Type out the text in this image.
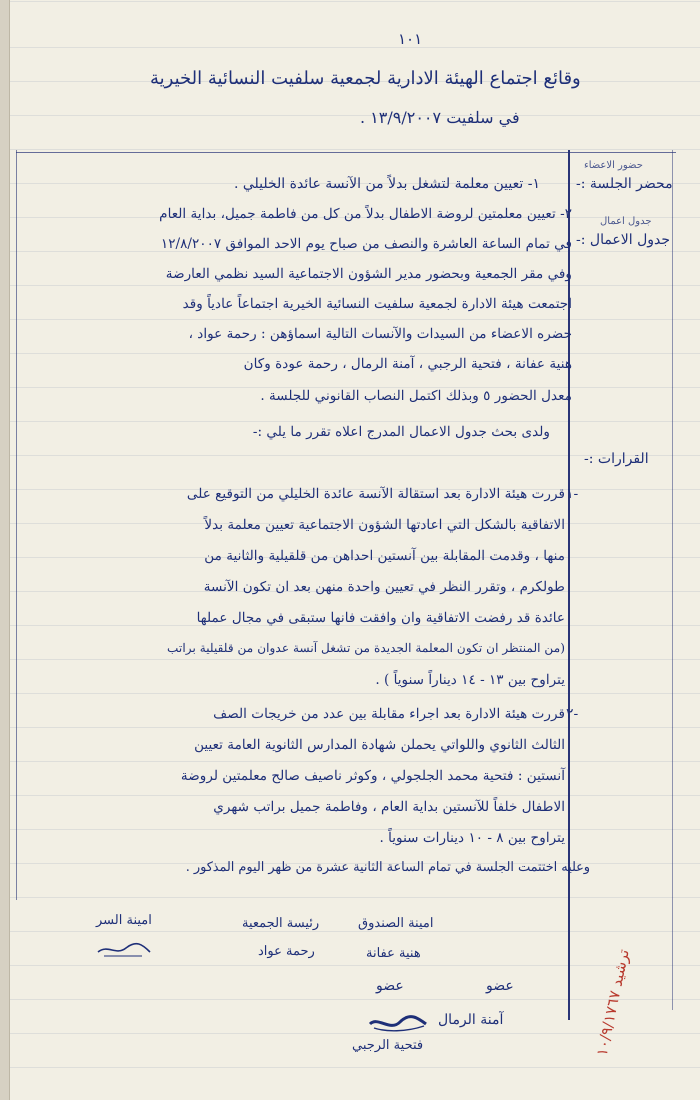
١٠١
وقائع اجتماع الهيئة الادارية لجمعية سلفيت النسائية الخيرية
في سلفيت ١٣/٩/٢٠٠٧ .
حضور الاعضاء
محضر الجلسة :-
جدول اعمال
جدول الاعمال :-
القرارات :-
١- تعيين معلمة لتشغل بدلاً من الآنسة عائدة الخليلي .
٢- تعيين معلمتين لروضة الاطفال بدلاً من كل من فاطمة جميل، بداية العام
في تمام الساعة العاشرة والنصف من صباح يوم الاحد الموافق ١٢/٨/٢٠٠٧
وفي مقر الجمعية وبحضور مدير الشؤون الاجتماعية السيد نظمي العارضة
اجتمعت هيئة الادارة لجمعية سلفيت النسائية الخيرية اجتماعاً عادياً وقد
حضره الاعضاء من السيدات والآنسات التالية اسماؤهن : رحمة عواد ،
هنية عفانة ، فتحية الرجبي ، آمنة الرمال ، رحمة عودة وكان
معدل الحضور ٥ وبذلك اكتمل النصاب القانوني للجلسة .
ولدى بحث جدول الاعمال المدرج اعلاه تقرر ما يلي :-
١-
قررت هيئة الادارة بعد استقالة الآنسة عائدة الخليلي من التوقيع على
الاتفاقية بالشكل التي اعادتها الشؤون الاجتماعية تعيين معلمة بدلاً
منها ، وقدمت المقابلة بين آنستين احداهن من قلقيلية والثانية من
طولكرم ، وتقرر النظر في تعيين واحدة منهن بعد ان تكون الآنسة
عائدة قد رفضت الاتفاقية وان وافقت فانها ستبقى في مجال عملها
(من المنتظر ان تكون المعلمة الجديدة من تشغل آنسة عدوان من قلقيلية براتب
يتراوح بين ١٣ - ١٤ ديناراً سنوياً ) .
٢-
قررت هيئة الادارة بعد اجراء مقابلة بين عدد من خريجات الصف
الثالث الثانوي واللواتي يحملن شهادة المدارس الثانوية العامة تعيين
آنستين : فتحية محمد الجلجولي ، وكوثر ناصيف صالح معلمتين لروضة
الاطفال خلفاً للآنستين بداية العام ، وفاطمة جميل براتب شهري
يتراوح بين ٨ - ١٠ دينارات سنوياً .
وعليه اختتمت الجلسة في تمام الساعة الثانية عشرة من ظهر اليوم المذكور .
امينة الصندوق
رئيسة الجمعية
امينة السر
هنية عفانة
رحمة عواد
عضو
عضو
آمنة الرمال
فتحية الرجبي	ترشيد ١٠/٩/١٧٦٧
